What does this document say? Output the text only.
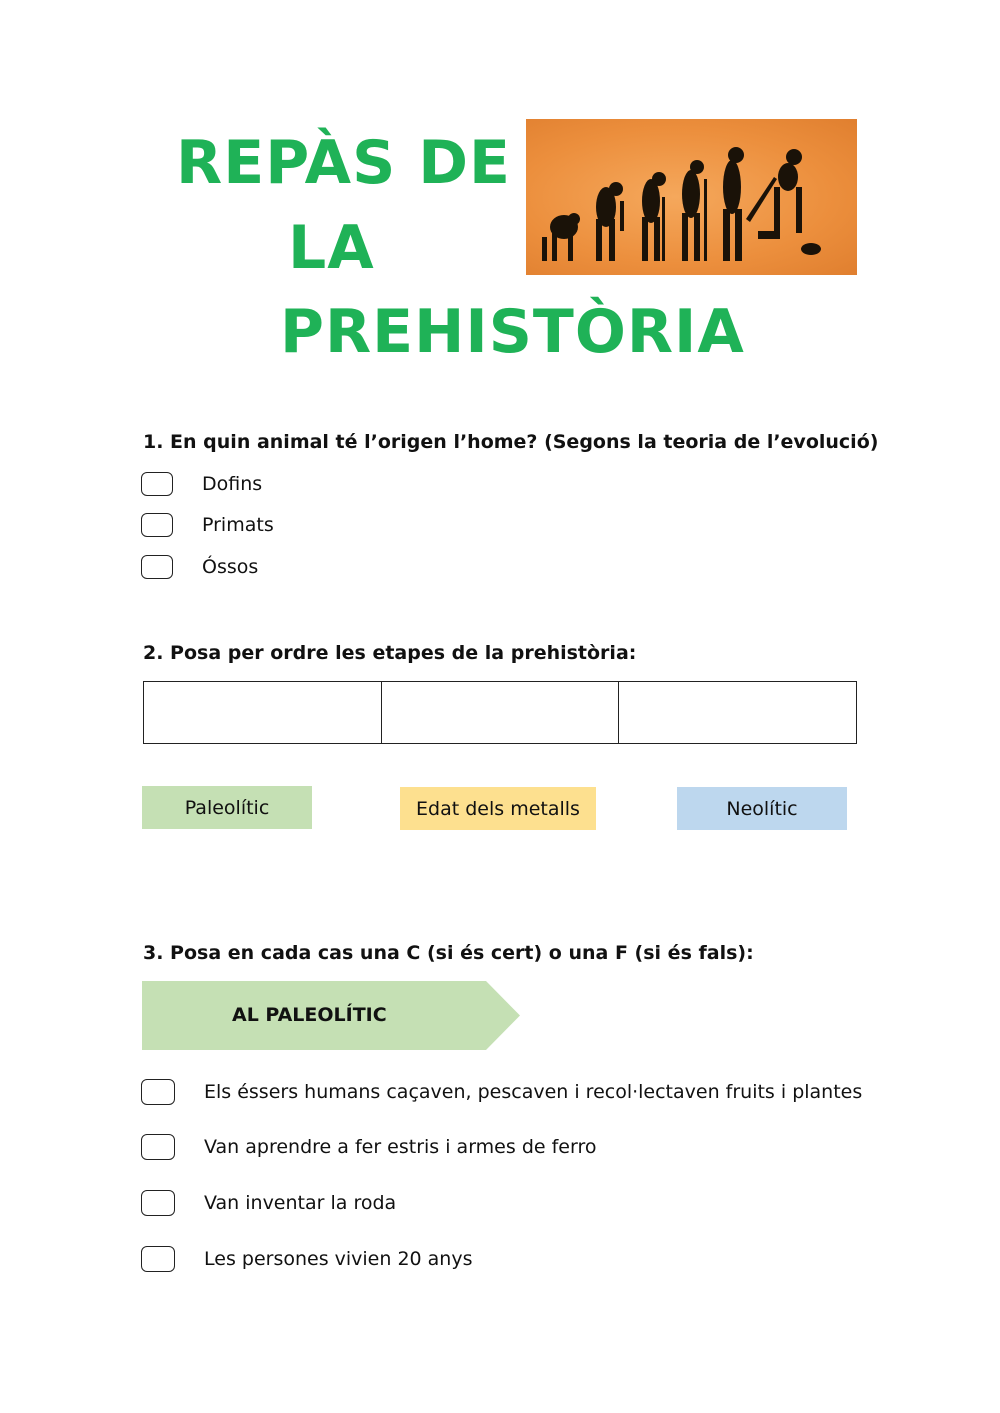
REPÀS DE
LA
PREHISTÒRIA
1. En quin animal té l’origen l’home? (Segons la teoria de l’evolució)
Dofins
Primats
Óssos
2. Posa per ordre les etapes de la prehistòria:
Paleolític	Edat dels metalls	Neolític
3. Posa en cada cas una C (si és cert) o una F (si és fals):
AL PALEOLÍTIC
Els éssers humans caçaven, pescaven i recol·lectaven fruits i plantes
Van aprendre a fer estris i armes de ferro
Van inventar la roda
Les persones vivien 20 anys
